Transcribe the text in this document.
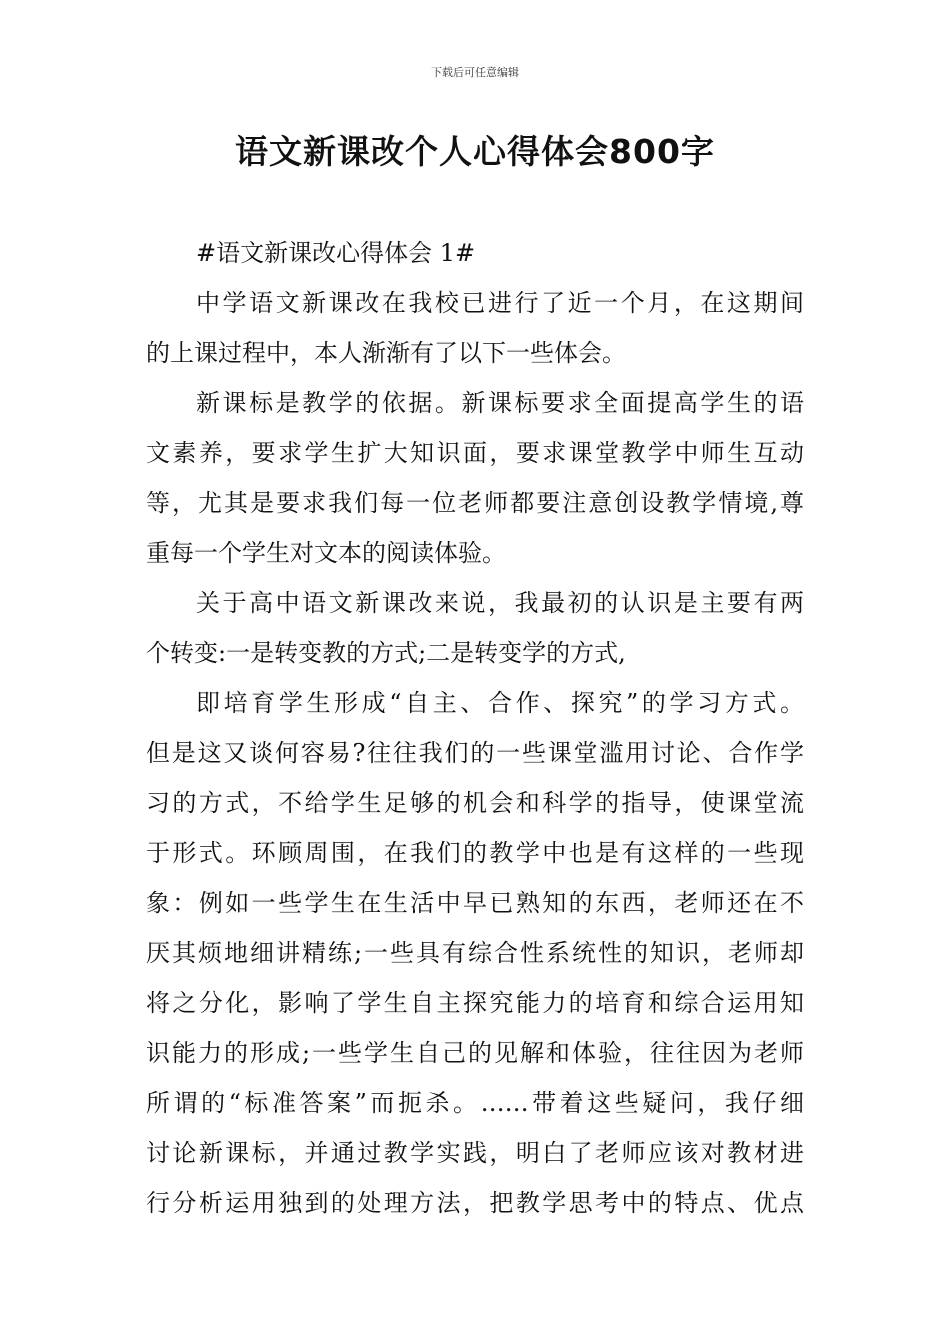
下载后可任意编辑
语文新课改个人心得体会800字
#语文新课改心得体会 1#
中学语文新课改在我校已进行了近一个月，在这期间
的上课过程中，本人渐渐有了以下一些体会。
新课标是教学的依据。新课标要求全面提高学生的语
文素养，要求学生扩大知识面，要求课堂教学中师生互动
等，尤其是要求我们每一位老师都要注意创设教学情境,尊
重每一个学生对文本的阅读体验。
关于高中语文新课改来说，我最初的认识是主要有两
个转变:一是转变教的方式;二是转变学的方式,
即培育学生形成“自主、合作、探究”的学习方式。
但是这又谈何容易?往往我们的一些课堂滥用讨论、合作学
习的方式，不给学生足够的机会和科学的指导，使课堂流
于形式。环顾周围，在我们的教学中也是有这样的一些现
象：例如一些学生在生活中早已熟知的东西，老师还在不
厌其烦地细讲精练;一些具有综合性系统性的知识，老师却
将之分化，影响了学生自主探究能力的培育和综合运用知
识能力的形成;一些学生自己的见解和体验，往往因为老师
所谓的“标准答案”而扼杀。……带着这些疑问，我仔细
讨论新课标，并通过教学实践，明白了老师应该对教材进
行分析运用独到的处理方法，把教学思考中的特点、优点
